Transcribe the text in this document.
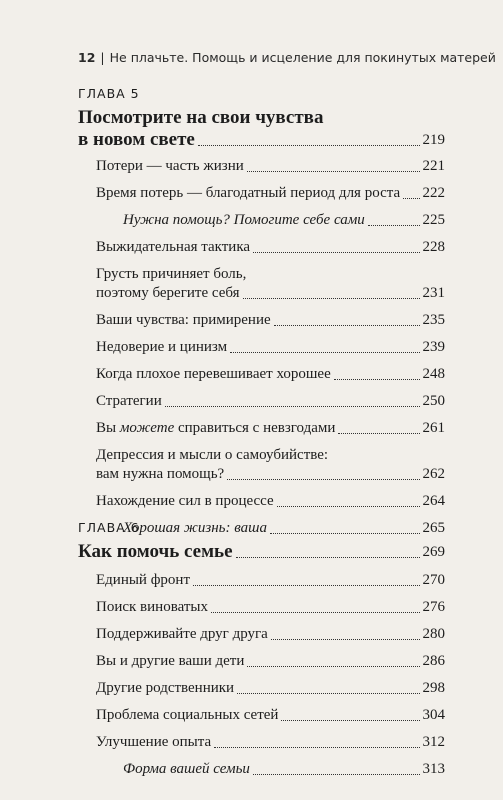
12 | Не плачьте. Помощь и исцеление для покинутых матерей
ГЛАВА 5
Посмотрите на свои чувства
в новом свете	219
Потери — часть жизни	221
Время потерь — благодатный период для роста 222
Нужна помощь? Помогите себе сами	225
Выжидательная тактика	228
Грусть причиняет боль,
поэтому берегите себя	231
Ваши чувства: примирение	235
Недоверие и цинизм	239
Когда плохое перевешивает хорошее	248
Стратегии	250
Вы можете справиться с невзгодами	261
Депрессия и мысли о самоубийстве:
вам нужна помощь?	262
Нахождение сил в процессе	264
Хорошая жизнь: ваша	265
ГЛАВА 6
Как помочь семье	269
Единый фронт	270
Поиск виноватых	276
Поддерживайте друг друга	280
Вы и другие ваши дети	286
Другие родственники	298
Проблема социальных сетей	304
Улучшение опыта	312
Форма вашей семьи	313
